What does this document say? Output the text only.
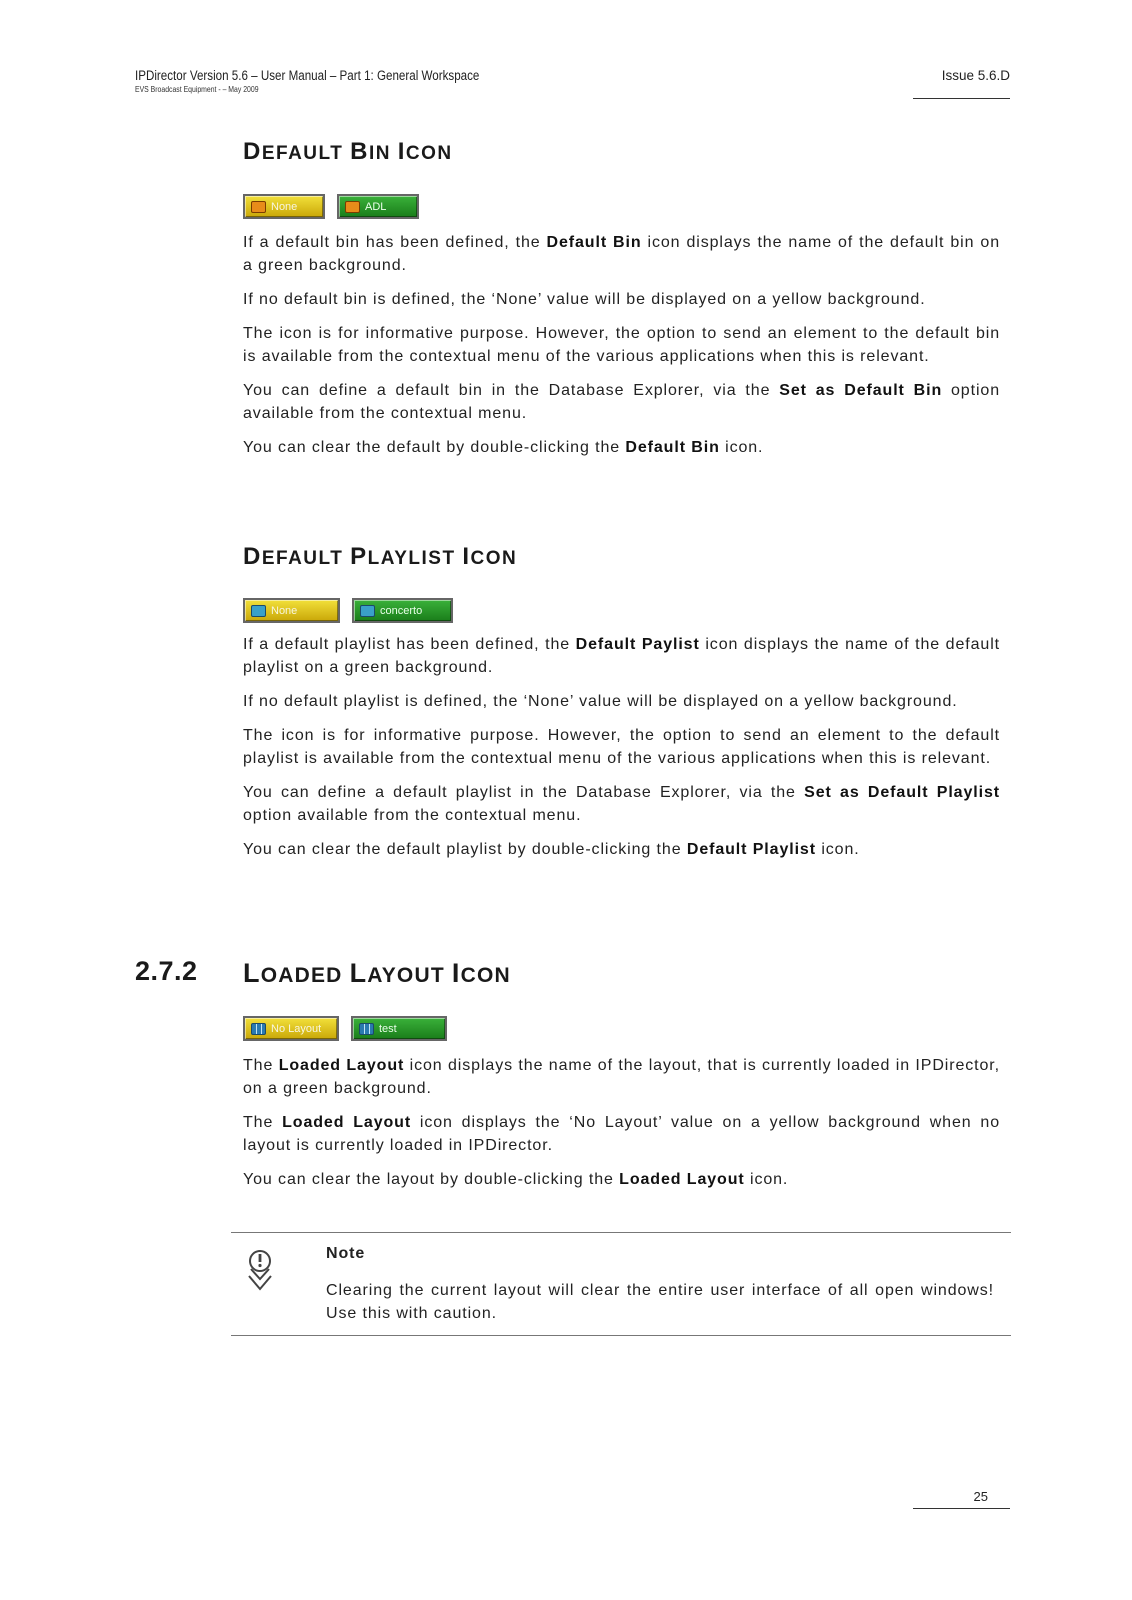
IPDirector Version 5.6 – User Manual – Part 1: General Workspace
EVS Broadcast Equipment - – May 2009
Issue 5.6.D
DEFAULT BIN ICON
None	ADL

If a default bin has been defined, the Default Bin icon displays the name of the default bin on a green background.

If no default bin is defined, the ‘None’ value will be displayed on a yellow background.

The icon is for informative purpose. However, the option to send an element to the default bin is available from the contextual menu of the various applications when this is relevant.

You can define a default bin in the Database Explorer, via the Set as Default Bin option available from the contextual menu.

You can clear the default by double-clicking the Default Bin icon.

DEFAULT PLAYLIST ICON
None	concerto

If a default playlist has been defined, the Default Paylist icon displays the name of the default playlist on a green background.

If no default playlist is defined, the ‘None’ value will be displayed on a yellow background.

The icon is for informative purpose. However, the option to send an element to the default playlist is available from the contextual menu of the various applications when this is relevant.

You can define a default playlist in the Database Explorer, via the Set as Default Playlist option available from the contextual menu.

You can clear the default playlist by double-clicking the Default Playlist icon.

2.7.2 LOADED LAYOUT ICON
No Layout	test

The Loaded Layout icon displays the name of the layout, that is currently loaded in IPDirector, on a green background.

The Loaded Layout icon displays the ‘No Layout’ value on a yellow background when no layout is currently loaded in IPDirector.

You can clear the layout by double-clicking the Loaded Layout icon.

Note
Clearing the current layout will clear the entire user interface of all open windows! Use this with caution.
25
